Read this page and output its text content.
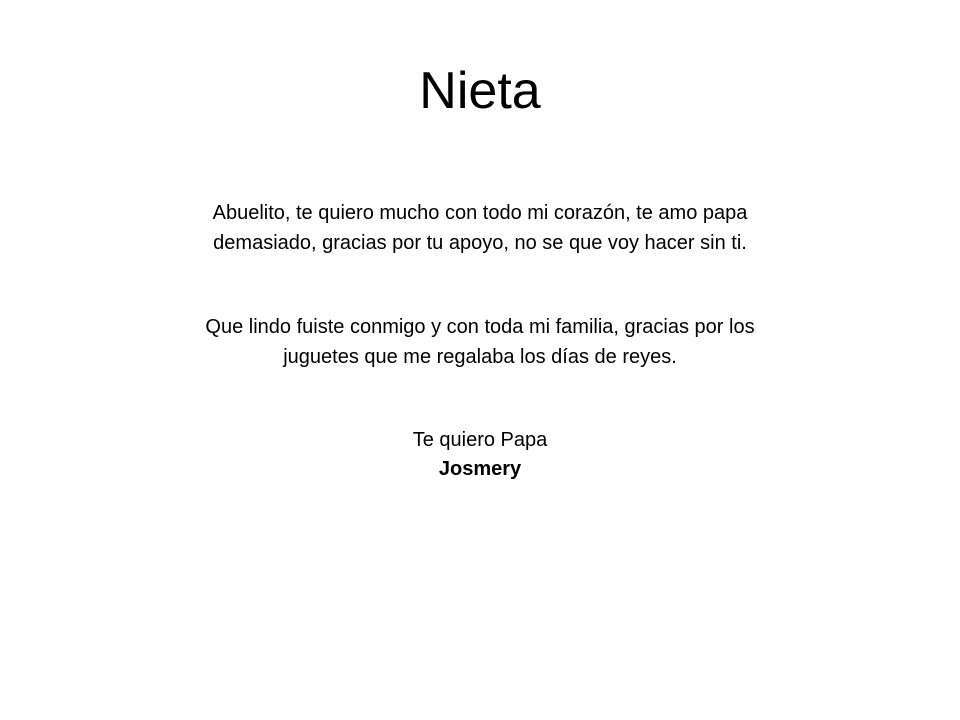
Nieta

Abuelito, te quiero mucho con todo mi corazón, te amo papa
demasiado, gracias por tu apoyo, no se que voy hacer sin ti.

Que lindo fuiste conmigo y con toda mi familia, gracias por los
juguetes que me regalaba los días de reyes.

Te quiero Papa
Josmery
